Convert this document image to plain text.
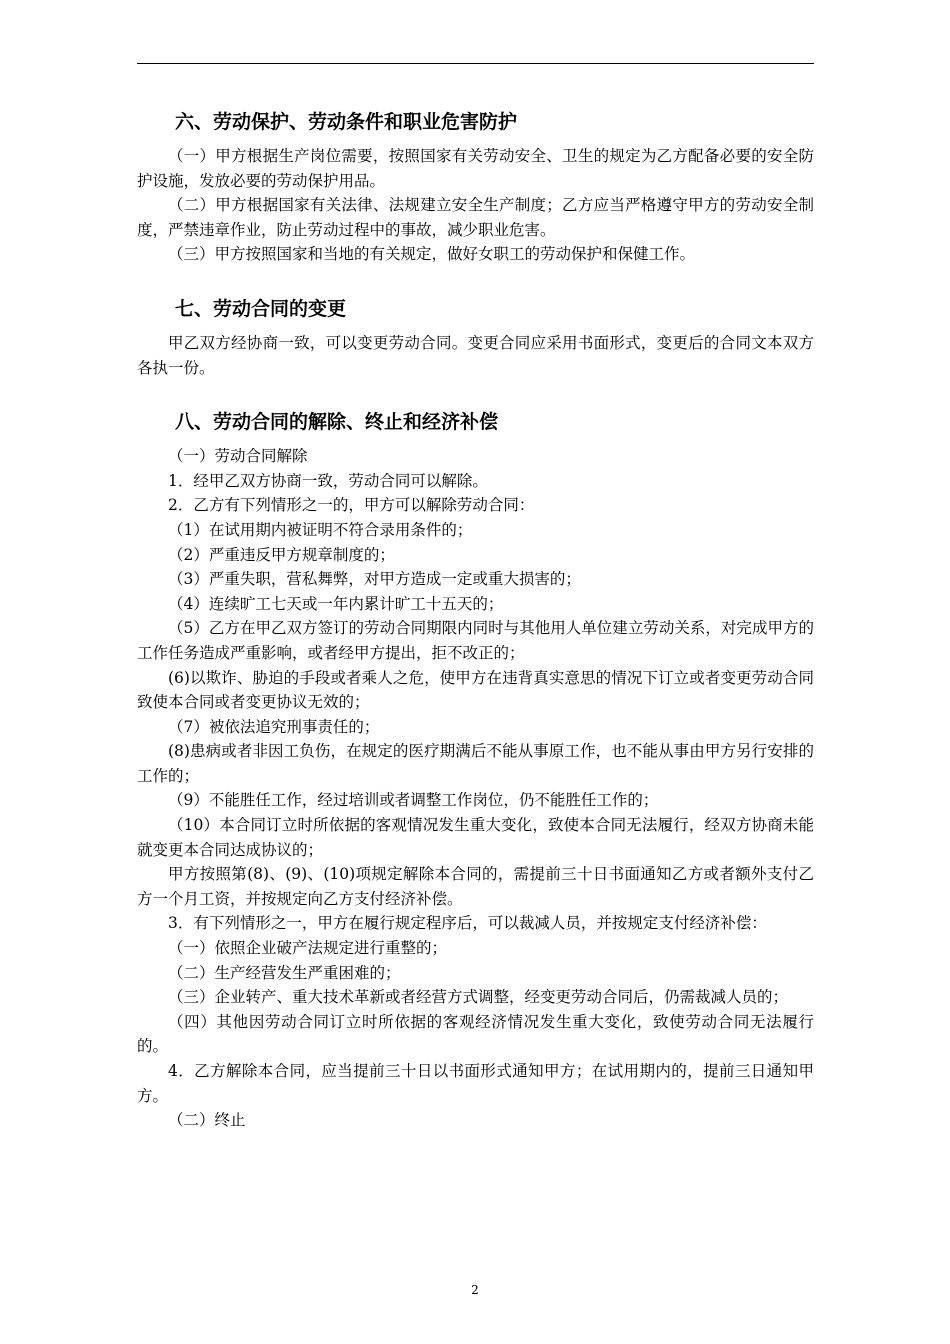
六、劳动保护、劳动条件和职业危害防护

（一）甲方根据生产岗位需要，按照国家有关劳动安全、卫生的规定为乙方配备必要的安全防护设施，发放必要的劳动保护用品。

（二）甲方根据国家有关法律、法规建立安全生产制度；乙方应当严格遵守甲方的劳动安全制度，严禁违章作业，防止劳动过程中的事故，减少职业危害。

（三）甲方按照国家和当地的有关规定，做好女职工的劳动保护和保健工作。

七、劳动合同的变更

甲乙双方经协商一致，可以变更劳动合同。变更合同应采用书面形式，变更后的合同文本双方各执一份。

八、劳动合同的解除、终止和经济补偿

（一）劳动合同解除

1．经甲乙双方协商一致，劳动合同可以解除。

2．乙方有下列情形之一的，甲方可以解除劳动合同：

（1）在试用期内被证明不符合录用条件的；

（2）严重违反甲方规章制度的；

（3）严重失职，营私舞弊，对甲方造成一定或重大损害的；

（4）连续旷工七天或一年内累计旷工十五天的；

（5）乙方在甲乙双方签订的劳动合同期限内同时与其他用人单位建立劳动关系，对完成甲方的工作任务造成严重影响，或者经甲方提出，拒不改正的；

(6)以欺诈、胁迫的手段或者乘人之危，使甲方在违背真实意思的情况下订立或者变更劳动合同致使本合同或者变更协议无效的；

（7）被依法追究刑事责任的；

(8)患病或者非因工负伤，在规定的医疗期满后不能从事原工作，也不能从事由甲方另行安排的工作的；

（9）不能胜任工作，经过培训或者调整工作岗位，仍不能胜任工作的；

（10）本合同订立时所依据的客观情况发生重大变化，致使本合同无法履行，经双方协商未能就变更本合同达成协议的；

甲方按照第(8)、(9)、(10)项规定解除本合同的，需提前三十日书面通知乙方或者额外支付乙方一个月工资，并按规定向乙方支付经济补偿。

3．有下列情形之一，甲方在履行规定程序后，可以裁减人员，并按规定支付经济补偿：

（一）依照企业破产法规定进行重整的；

（二）生产经营发生严重困难的；

（三）企业转产、重大技术革新或者经营方式调整，经变更劳动合同后，仍需裁减人员的；

（四）其他因劳动合同订立时所依据的客观经济情况发生重大变化，致使劳动合同无法履行的。

4．乙方解除本合同，应当提前三十日以书面形式通知甲方；在试用期内的，提前三日通知甲方。

（二）终止

2
